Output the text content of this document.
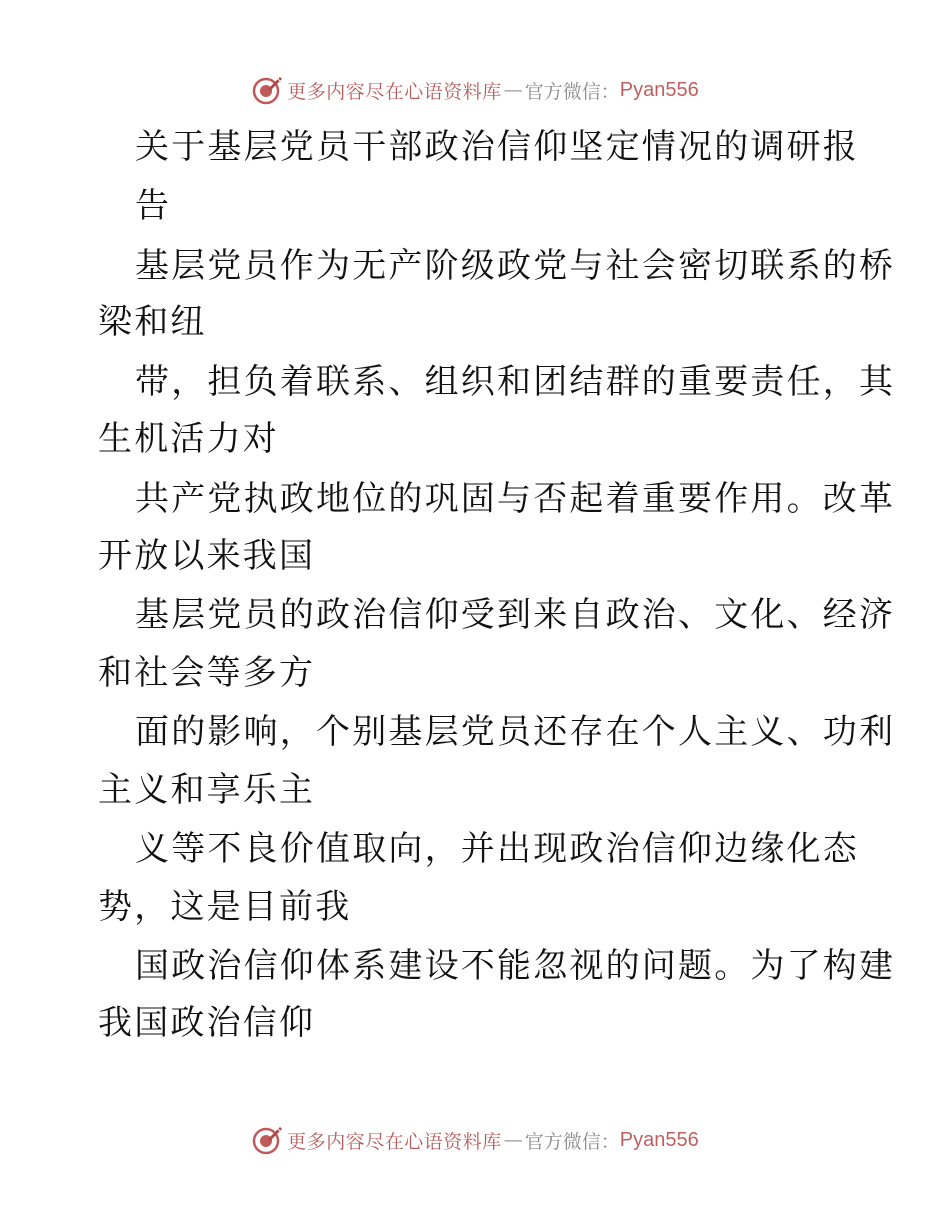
更多内容尽在心语资料库 — 官方微信： Pyan556
关于基层党员干部政治信仰坚定情况的调研报
告
基层党员作为无产阶级政党与社会密切联系的桥
梁和纽
带，担负着联系、组织和团结群的重要责任，其
生机活力对
共产党执政地位的巩固与否起着重要作用。改革
开放以来我国
基层党员的政治信仰受到来自政治、文化、经济
和社会等多方
面的影响，个别基层党员还存在个人主义、功利
主义和享乐主
义等不良价值取向，并出现政治信仰边缘化态
势，这是目前我
国政治信仰体系建设不能忽视的问题。为了构建
我国政治信仰
更多内容尽在心语资料库 — 官方微信： Pyan556
